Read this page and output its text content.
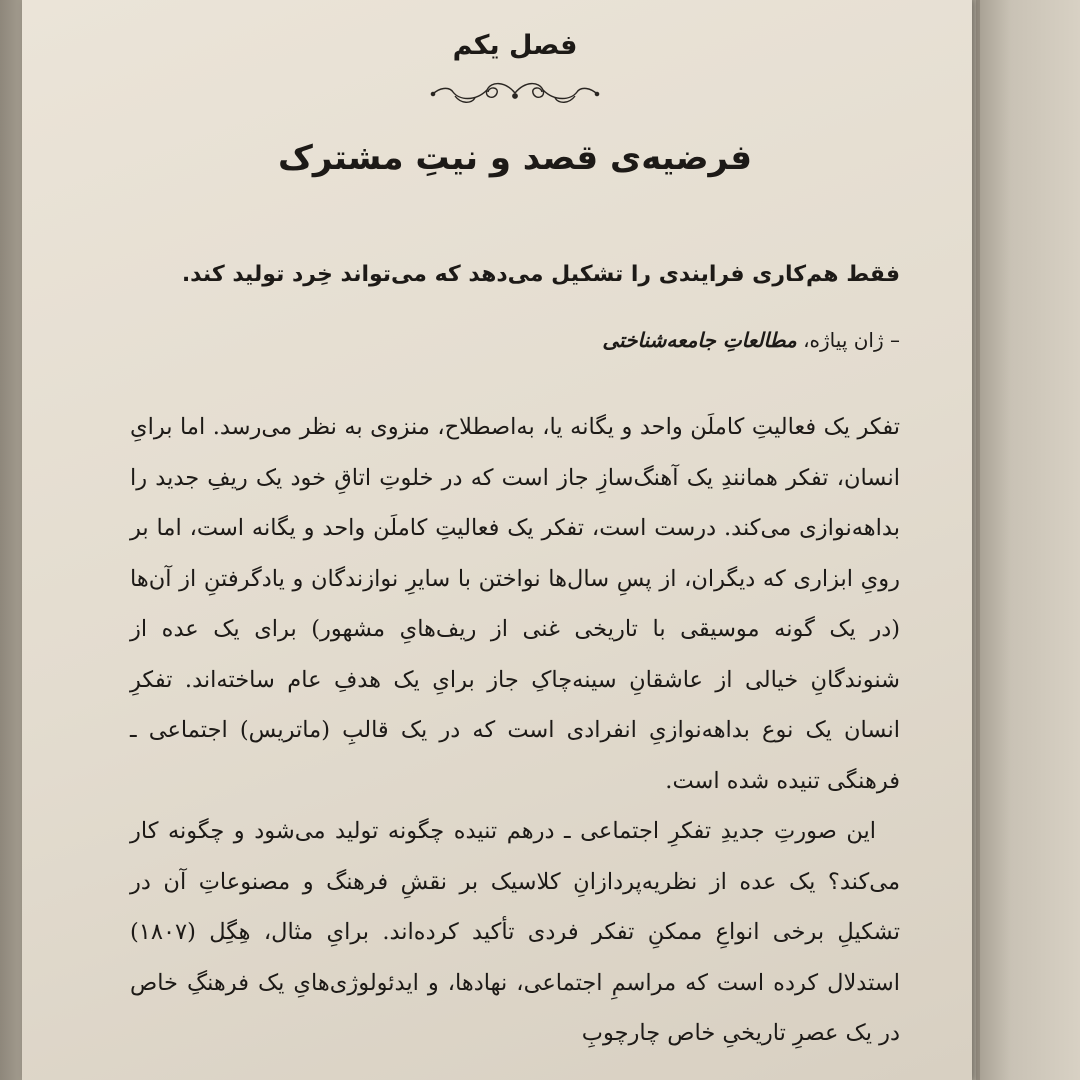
فصل یکم
فرضیه‌ی قصد و نیتِ مشترک
فقط هم‌کاری فرایندی را تشکیل می‌دهد که می‌تواند خِرد تولید کند.
– ژان پیاژه، مطالعاتِ جامعه‌شناختی

تفکر یک فعالیتِ کاملَن واحد و یگانه یا، به‌اصطلاح، منزوی به نظر می‌رسد. اما برایِ انسان، تفکر همانندِ یک آهنگ‌سازِ جاز است که در خلوتِ اتاقِ خود یک ریفِ جدید را بداهه‌نوازی می‌کند. درست است، تفکر یک فعالیتِ کاملَن واحد و یگانه است، اما بر رویِ ابزاری که دیگران، از پسِ سال‌ها نواختن با سایرِ نوازندگان و یادگرفتنِ از آن‌ها (در یک گونه موسیقی با تاریخی غنی از ریف‌هایِ مشهور) برای یک عده از شنوندگانِ خیالی از عاشقانِ سینه‌چاکِ جاز برایِ یک هدفِ عام ساخته‌اند. تفکرِ انسان یک نوع بداهه‌نوازیِ انفرادی است که در یک قالبِ (ماتریس) اجتماعی ـ فرهنگی تنیده شده است.

این صورتِ جدیدِ تفکرِ اجتماعی ـ درهم تنیده چگونه تولید می‌شود و چگونه کار می‌کند؟ یک عده از نظریه‌پردازانِ کلاسیک بر نقشِ فرهنگ و مصنوعاتِ آن در تشکیلِ برخی انواعِ ممکنِ تفکر فردی تأکید کرده‌اند. برایِ مثال، هِگِل (۱۸۰۷) استدلال کرده است که مراسمِ اجتماعی، نهادها، و ایدئولوژی‌هایِ یک فرهنگِ خاص در یک عصرِ تاریخیِ خاص چارچوبِ
